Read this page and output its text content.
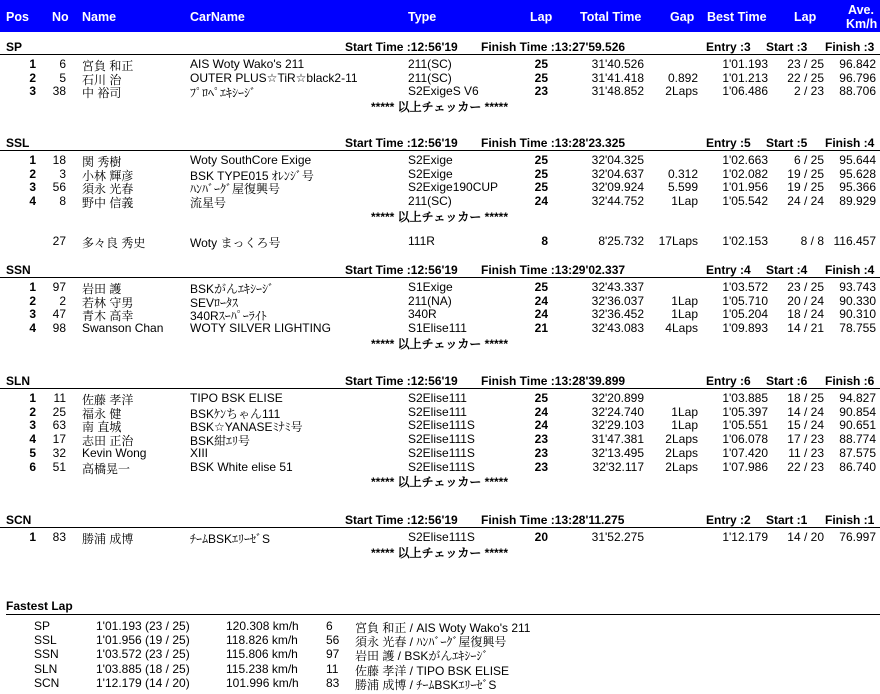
Pos No Name	CarName	Type	Lap Total Time Gap Best Time Lap	Ave.
Km/h
SP	Start Time :12:56'19 Finish Time :13:27'59.526	Entry :3 Start :3 Finish :3
1	6 宮負 和正	AIS Woty Wako's 211	211(SC)	25	31'40.526	1'01.193	23 / 25	96.842
2	5 石川 治	OUTER PLUS☆TiR☆black2-11	211(SC)	25	31'41.418	0.892	1'01.213	22 / 25	96.796
3	38 中 裕司	ﾌﾟﾛﾍﾟｴｷｼｰｼﾞ	S2ExigeS V6	23	31'48.852	2Laps	1'06.486	2 / 23	88.706
***** 以上チェッカー *****
SSL	Start Time :12:56'19 Finish Time :13:28'23.325	Entry :5 Start :5 Finish :4
1	18 関 秀樹	Woty SouthCore Exige	S2Exige	25	32'04.325	1'02.663	6 / 25	95.644
2	3 小林 輝彦	BSK TYPE015 ｵﾚﾝｼﾞ号	S2Exige	25	32'04.637	0.312	1'02.082	19 / 25	95.628
3	56 須永 光春	ﾊﾝﾊﾞｰｸﾞ屋復興号	S2Exige190CUP	25	32'09.924	5.599	1'01.956	19 / 25	95.366
4	8 野中 信義	流星号	211(SC)	24	32'44.752	1Lap	1'05.542	24 / 24	89.929
***** 以上チェッカー *****
27 多々良 秀史	Woty まっくろ号	111R	8	8'25.732	17Laps	1'02.153	8 / 8 116.457
SSN	Start Time :12:56'19 Finish Time :13:29'02.337	Entry :4 Start :4 Finish :4
1	97 岩田 護	BSKがんｴｷｼｰｼﾞ	S1Exige	25	32'43.337	1'03.572	23 / 25	93.743
2	2 若林 守男	SEVﾛｰﾀｽ	211(NA)	24	32'36.037	1Lap	1'05.710	20 / 24	90.330
3	47 青木 高幸	340Rｽｰﾊﾟｰﾗｲﾄ	340R	24	32'36.452	1Lap	1'05.204	18 / 24	90.310
4	98 Swanson Chan	WOTY SILVER LIGHTING	S1Elise111	21	32'43.083	4Laps	1'09.893	14 / 21	78.755
***** 以上チェッカー *****
SLN	Start Time :12:56'19 Finish Time :13:28'39.899	Entry :6 Start :6 Finish :6
1	11 佐藤 孝洋	TIPO BSK ELISE	S2Elise111	25	32'20.899	1'03.885	18 / 25	94.827
2	25 福永 健	BSKｹﾝちゃん111	S2Elise111	24	32'24.740	1Lap	1'05.397	14 / 24	90.854
3	63 南 直城	BSK☆YANASEﾐﾅﾐ号	S2Elise111S	24	32'29.103	1Lap	1'05.551	15 / 24	90.651
4	17 志田 正治	BSK紺ｴﾘ号	S2Elise111S	23	31'47.381	2Laps	1'06.078	17 / 23	88.774
5	32 Kevin Wong	XIII	S2Elise111S	23	32'13.495	2Laps	1'07.420	11 / 23	87.575
6	51 高橋晃一	BSK White elise 51	S2Elise111S	23	32'32.117	2Laps	1'07.986	22 / 23	86.740
***** 以上チェッカー *****
SCN	Start Time :12:56'19 Finish Time :13:28'11.275	Entry :2 Start :1 Finish :1
1	83 勝浦 成博	ﾁｰﾑBSKｴﾘｰｾﾞS	S2Elise111S	20	31'52.275	1'12.179	14 / 20	76.997
***** 以上チェッカー *****
Fastest Lap
SP	1'01.193 (23 / 25)	120.308 km/h 6 宮負 和正 / AIS Woty Wako's 211
SSL	1'01.956 (19 / 25)	118.826 km/h 56 須永 光春 / ﾊﾝﾊﾞｰｸﾞ屋復興号
SSN	1'03.572 (23 / 25)	115.806 km/h 97 岩田 護 / BSKがんｴｷｼｰｼﾞ
SLN	1'03.885 (18 / 25)	115.238 km/h 11 佐藤 孝洋 / TIPO BSK ELISE
SCN	1'12.179 (14 / 20)	101.996 km/h 83 勝浦 成博 / ﾁｰﾑBSKｴﾘｰｾﾞS
